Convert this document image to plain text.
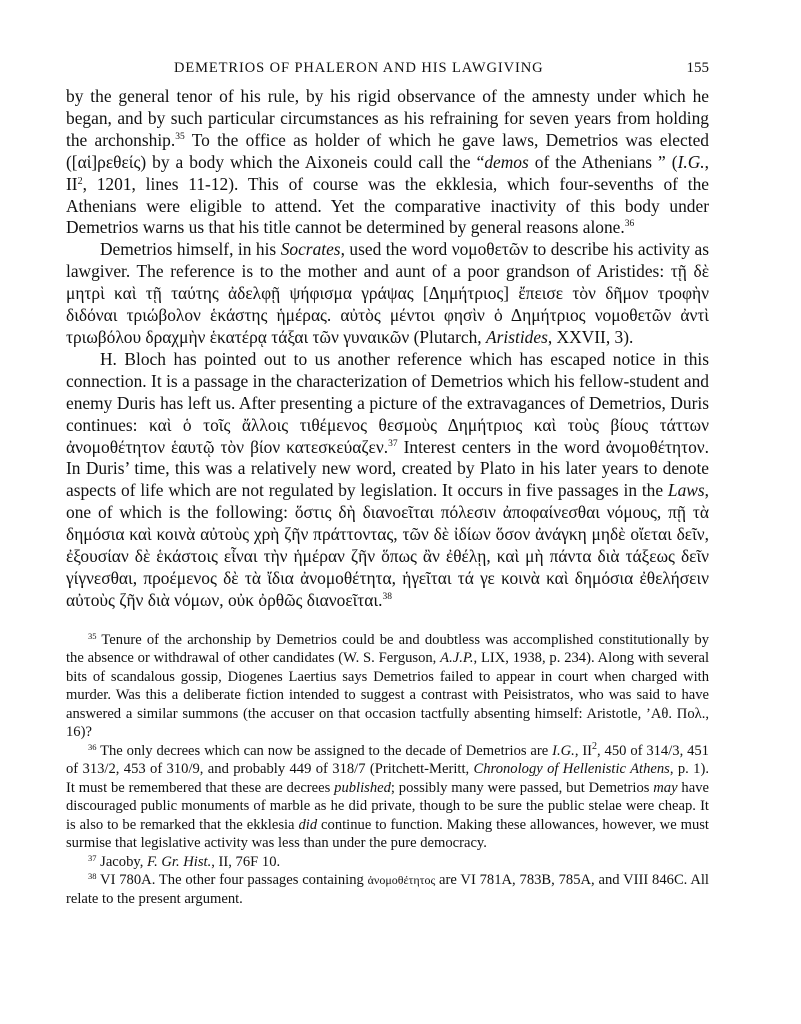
DEMETRIOS OF PHALERON AND HIS LAWGIVING	155

by the general tenor of his rule, by his rigid observance of the amnesty under which he began, and by such particular circumstances as his refraining for seven years from holding the archonship.$^{35}$ To the office as holder of which he gave laws, Demetrios was elected ([αἱ]ρεθείς) by a body which the Aixoneis could call the “demos of the Athenians ” (I.G., $II^2$, 1201, lines 11-12). This of course was the ekklesia, which four-sevenths of the Athenians were eligible to attend. Yet the comparative inactivity of this body under Demetrios warns us that his title cannot be determined by general reasons alone.$^{36}$

Demetrios himself, in his Socrates, used the word νομοθετῶν to describe his activity as lawgiver. The reference is to the mother and aunt of a poor grandson of Aristides: τῇ δὲ μητρὶ καὶ τῇ ταύτης ἀδελφῇ ψήφισμα γράψας [Δημήτριος] ἔπεισε τὸν δῆμον τροφὴν διδόναι τριώβολον ἑκάστης ἡμέρας. αὐτὸς μέντοι φησὶν ὁ Δημήτριος νομοθετῶν ἀντὶ τριωβόλου δραχμὴν ἑκατέρᾳ τάξαι τῶν γυναικῶν (Plutarch, Aristides, XXVII, 3).

H. Bloch has pointed out to us another reference which has escaped notice in this connection. It is a passage in the characterization of Demetrios which his fellow-student and enemy Duris has left us. After presenting a picture of the extravagances of Demetrios, Duris continues: καὶ ὁ τοῖς ἄλλοις τιθέμενος θεσμοὺς Δημήτριος καὶ τοὺς βίους τάττων ἀνομοθέτητον ἑαυτῷ τὸν βίον κατεσκεύαζεν.$^{37}$ Interest centers in the word ἀνομοθέτητον. In Duris’ time, this was a relatively new word, created by Plato in his later years to denote aspects of life which are not regulated by legislation. It occurs in five passages in the Laws, one of which is the following: ὅστις δὴ διανοεῖται πόλεσιν ἀποφαίνεσθαι νόμους, πῇ τὰ δημόσια καὶ κοινὰ αὐτοὺς χρὴ ζῆν πράττοντας, τῶν δὲ ἰδίων ὅσον ἀνάγκη μηδὲ οἴεται δεῖν, ἐξουσίαν δὲ ἑκάστοις εἶναι τὴν ἡμέραν ζῆν ὅπως ἂν ἐθέλῃ, καὶ μὴ πάντα διὰ τάξεως δεῖν γίγνεσθαι, προέμενος δὲ τὰ ἴδια ἀνομοθέτητα, ἡγεῖται τά γε κοινὰ καὶ δημόσια ἐθελήσειν αὐτοὺς ζῆν διὰ νόμων, οὐκ ὀρθῶς διανοεῖται.$^{38}$

$^{35}$ Tenure of the archonship by Demetrios could be and doubtless was accomplished constitutionally by the absence or withdrawal of other candidates (W. S. Ferguson, A.J.P., LIX, 1938, p. 234). Along with several bits of scandalous gossip, Diogenes Laertius says Demetrios failed to appear in court when charged with murder. Was this a deliberate fiction intended to suggest a contrast with Peisistratos, who was said to have answered a similar summons (the accuser on that occasion tactfully absenting himself: Aristotle, ’Αθ. Πολ., 16)?

$^{36}$ The only decrees which can now be assigned to the decade of Demetrios are I.G., $II^2$, 450 of 314/3, 451 of 313/2, 453 of 310/9, and probably 449 of 318/7 (Pritchett-Meritt, Chronology of Hellenistic Athens, p. 1). It must be remembered that these are decrees published; possibly many were passed, but Demetrios may have discouraged public monuments of marble as he did private, though to be sure the public stelae were cheap. It is also to be remarked that the ekklesia did continue to function. Making these allowances, however, we must surmise that legislative activity was less than under the pure democracy.

$^{37}$ Jacoby, F. Gr. Hist., II, 76F 10.

$^{38}$ VI 780A. The other four passages containing ἀνομοθέτητος are VI 781A, 783B, 785A, and VIII 846C. All relate to the present argument.
